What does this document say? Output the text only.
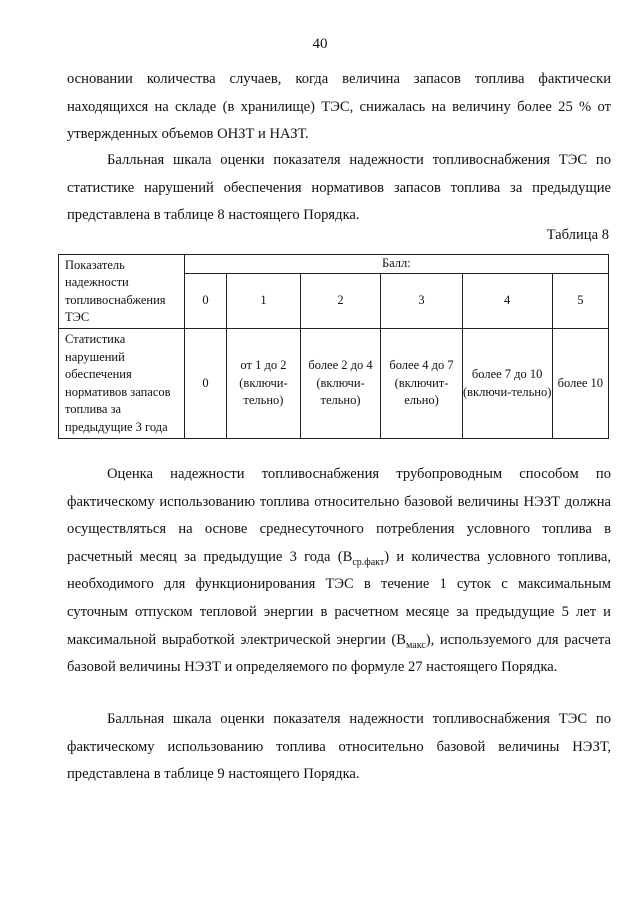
40

основании количества случаев, когда величина запасов топлива фактически находящихся на складе (в хранилище) ТЭС, снижалась на величину более 25 % от утвержденных объемов ОНЗТ и НАЗТ.

Балльная шкала оценки показателя надежности топливоснабжения ТЭС по статистике нарушений обеспечения нормативов запасов топлива за предыдущие представлена в таблице 8 настоящего Порядка.

Таблица 8
Показатель надежности топливоснабжения ТЭС	Балл:					
	0	1	2	3	4	5
Статистика нарушений обеспечения нормативов запасов топлива за предыдущие 3 года	0	от 1 до 2 (включи-тельно)	более 2 до 4 (включи-тельно)	более 4 до 7 (включит-ельно)	более 7 до 10 (включи-тельно)	более 10

Оценка надежности топливоснабжения трубопроводным способом по фактическому использованию топлива относительно базовой величины НЭЗТ должна осуществляться на основе среднесуточного потребления условного топлива в расчетный месяц за предыдущие 3 года $(В_{ср.факт})$ и количества условного топлива, необходимого для функционирования ТЭС в течение 1 суток с максимальным суточным отпуском тепловой энергии в расчетном месяце за предыдущие 5 лет и максимальной выработкой электрической энергии $(В_{макс})$, используемого для расчета базовой величины НЭЗТ и определяемого по формуле 27 настоящего Порядка.

Балльная шкала оценки показателя надежности топливоснабжения ТЭС по фактическому использованию топлива относительно базовой величины НЭЗТ, представлена в таблице 9 настоящего Порядка.
